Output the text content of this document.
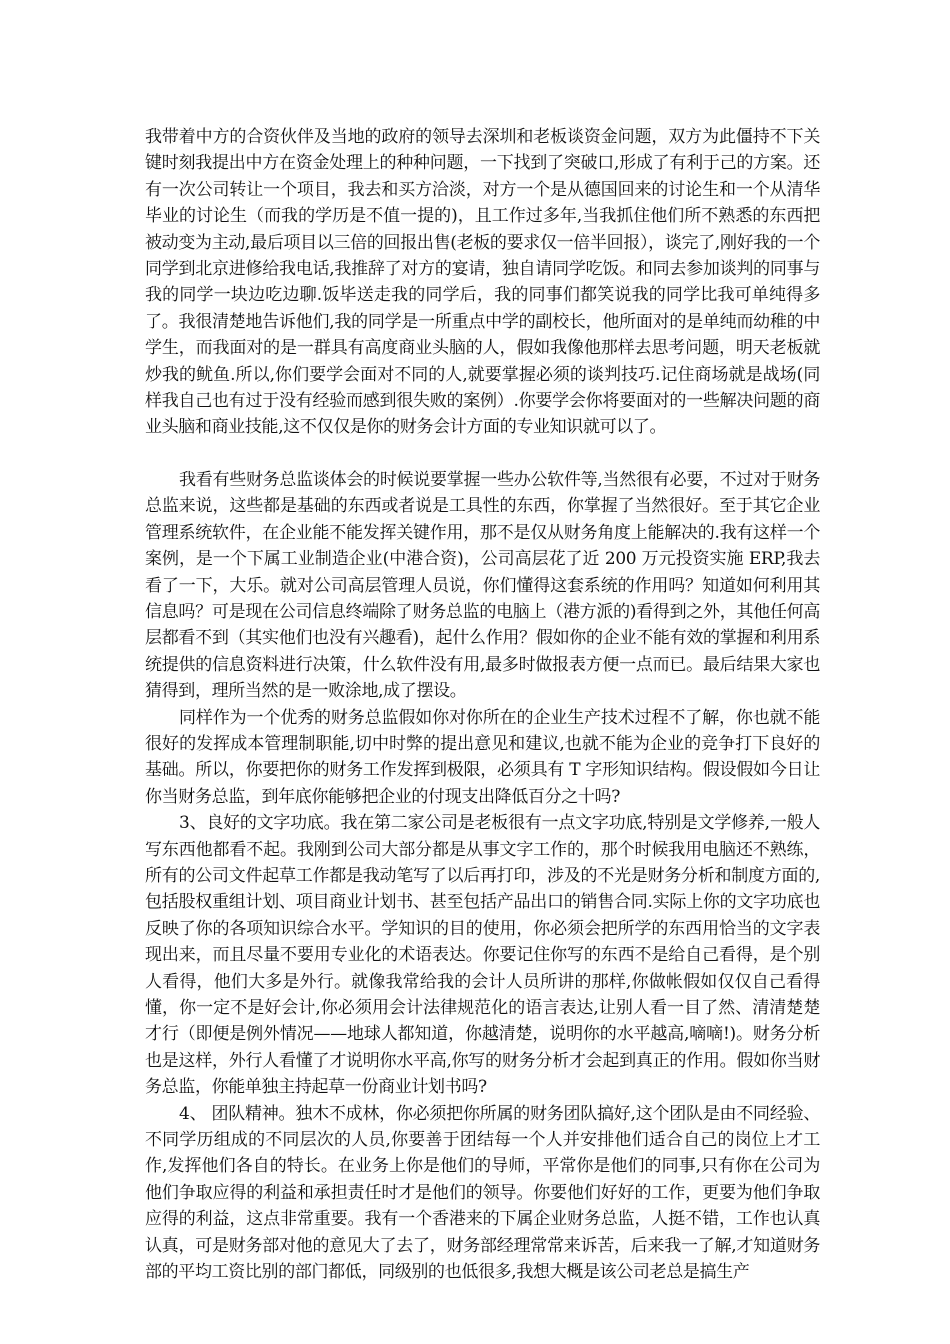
我带着中方的合资伙伴及当地的政府的领导去深圳和老板谈资金问题，双方为此僵持不下关键时刻我提出中方在资金处理上的种种问题，一下找到了突破口,形成了有利于己的方案。还有一次公司转让一个项目，我去和买方洽淡，对方一个是从德国回来的讨论生和一个从清华毕业的讨论生（而我的学历是不值一提的)，且工作过多年,当我抓住他们所不熟悉的东西把被动变为主动,最后项目以三倍的回报出售(老板的要求仅一倍半回报），谈完了,刚好我的一个同学到北京进修给我电话,我推辞了对方的宴请，独自请同学吃饭。和同去参加谈判的同事与我的同学一块边吃边聊.饭毕送走我的同学后，我的同事们都笑说我的同学比我可单纯得多了。我很清楚地告诉他们,我的同学是一所重点中学的副校长，他所面对的是单纯而幼稚的中学生，而我面对的是一群具有高度商业头脑的人，假如我像他那样去思考问题，明天老板就炒我的鱿鱼.所以,你们要学会面对不同的人,就要掌握必须的谈判技巧.记住商场就是战场(同样我自己也有过于没有经验而感到很失败的案例）.你要学会你将要面对的一些解决问题的商业头脑和商业技能,这不仅仅是你的财务会计方面的专业知识就可以了。

我看有些财务总监谈体会的时候说要掌握一些办公软件等,当然很有必要，不过对于财务总监来说，这些都是基础的东西或者说是工具性的东西，你掌握了当然很好。至于其它企业管理系统软件，在企业能不能发挥关键作用，那不是仅从财务角度上能解决的.我有这样一个案例，是一个下属工业制造企业(中港合资)，公司高层花了近 200 万元投资实施 ERP,我去看了一下，大乐。就对公司高层管理人员说，你们懂得这套系统的作用吗？知道如何利用其信息吗？可是现在公司信息终端除了财务总监的电脑上（港方派的)看得到之外，其他任何高层都看不到（其实他们也没有兴趣看)，起什么作用？假如你的企业不能有效的掌握和利用系统提供的信息资料进行决策，什么软件没有用,最多时做报表方便一点而已。最后结果大家也猜得到，理所当然的是一败涂地,成了摆设。

同样作为一个优秀的财务总监假如你对你所在的企业生产技术过程不了解，你也就不能很好的发挥成本管理制职能,切中时弊的提出意见和建议,也就不能为企业的竞争打下良好的基础。所以，你要把你的财务工作发挥到极限，必须具有 T 字形知识结构。假设假如今日让你当财务总监，到年底你能够把企业的付现支出降低百分之十吗?

3、良好的文字功底。我在第二家公司是老板很有一点文字功底,特别是文学修养,一般人写东西他都看不起。我刚到公司大部分都是从事文字工作的，那个时候我用电脑还不熟练，所有的公司文件起草工作都是我动笔写了以后再打印，涉及的不光是财务分析和制度方面的,包括股权重组计划、项目商业计划书、甚至包括产品出口的销售合同.实际上你的文字功底也反映了你的各项知识综合水平。学知识的目的使用，你必须会把所学的东西用恰当的文字表现出来，而且尽量不要用专业化的术语表达。你要记住你写的东西不是给自己看得，是个别人看得，他们大多是外行。就像我常给我的会计人员所讲的那样,你做帐假如仅仅自己看得懂，你一定不是好会计,你必须用会计法律规范化的语言表达,让别人看一目了然、清清楚楚才行（即便是例外情况——地球人都知道，你越清楚，说明你的水平越高,嘀嘀!)。财务分析也是这样，外行人看懂了才说明你水平高,你写的财务分析才会起到真正的作用。假如你当财务总监，你能单独主持起草一份商业计划书吗?

4、 团队精神。独木不成林，你必须把你所属的财务团队搞好,这个团队是由不同经验、不同学历组成的不同层次的人员,你要善于团结每一个人并安排他们适合自己的岗位上才工作,发挥他们各自的特长。在业务上你是他们的导师，平常你是他们的同事,只有你在公司为他们争取应得的利益和承担责任时才是他们的领导。你要他们好好的工作，更要为他们争取应得的利益，这点非常重要。我有一个香港来的下属企业财务总监，人挺不错，工作也认真认真，可是财务部对他的意见大了去了，财务部经理常常来诉苦，后来我一了解,才知道财务部的平均工资比别的部门都低，同级别的也低很多,我想大概是该公司老总是搞生产
